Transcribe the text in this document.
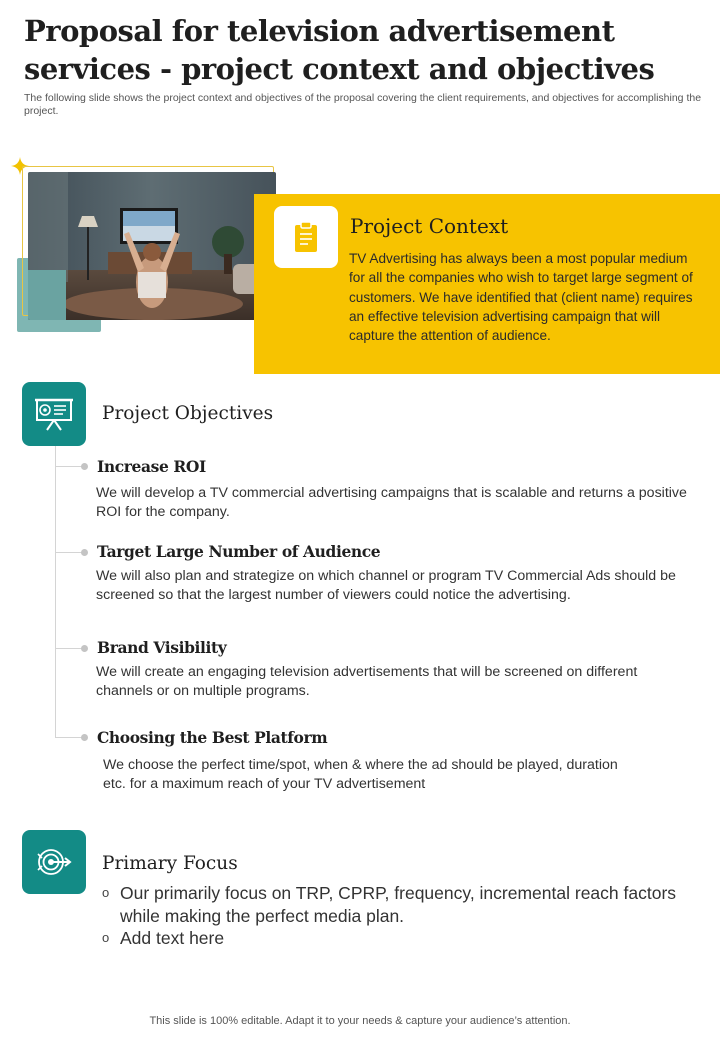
Proposal for television advertisement services - project context and objectives

The following slide shows the project context and objectives of the proposal covering the client requirements, and objectives for accomplishing the project.

Project Context

TV Advertising has always been a most popular medium for all the companies who wish to target large segment of customers. We have identified that (client name) requires an effective television advertising campaign that will capture the attention of audience.

Project Objectives
Increase ROI

We will develop a TV commercial advertising campaigns that is scalable and returns a positive ROI for the company.

Target Large Number of Audience

We will also plan and strategize on which channel or program TV Commercial Ads should be screened so that the largest number of viewers could notice the advertising.

Brand Visibility

We will create an engaging television advertisements that will be screened on different channels or on multiple programs.

Choosing the Best Platform

We choose the perfect time/spot, when & where the ad should be played, duration etc. for a maximum reach of your TV advertisement

Primary Focus
o Our primarily focus on TRP, CPRP, frequency, incremental reach factors while making the perfect media plan.
o Add text here

This slide is 100% editable. Adapt it to your needs & capture your audience’s attention.
